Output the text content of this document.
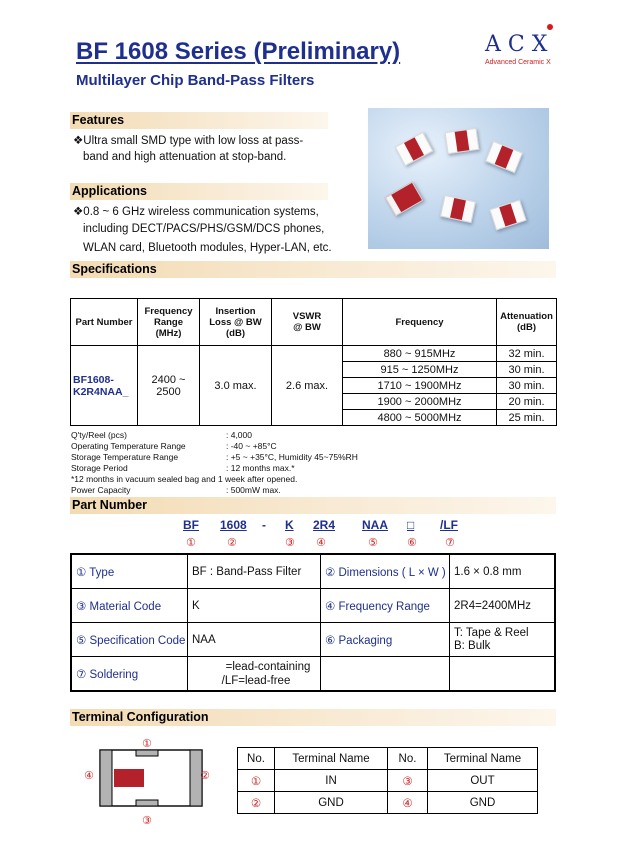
BF 1608 Series (Preliminary)
Multilayer Chip Band-Pass Filters
ACX
Advanced Ceramic X
Features
❖Ultra small SMD type with low loss at pass-
band and high attenuation at stop-band.
Applications
❖0.8 ~ 6 GHz wireless communication systems,
including DECT/PACS/PHS/GSM/DCS phones,
WLAN card, Bluetooth modules, Hyper-LAN, etc.
Specifications
Part Number	Frequency
Range
(MHz)	Insertion
Loss @ BW
(dB)	VSWR
@ BW	Frequency	Attenuation
(dB)
BF1608-
K2R4NAA_	2400 ~
2500	3.0 max.	2.6 max.	880 ~ 915MHz	32 min.
				915 ~ 1250MHz	30 min.
				1710 ~ 1900MHz	30 min.
				1900 ~ 2000MHz	20 min.
				4800 ~ 5000MHz	25 min.
Q'ty/Reel (pcs)	: 4,000
Operating Temperature Range	: -40 ~ +85°C
Storage Temperature Range	: +5 ~ +35°C, Humidity 45~75%RH
Storage Period	: 12 months max.*
*12 months in vacuum sealed bag and 1 week after opened.
Power Capacity	: 500mW max.
Part Number
BF 1608 - K 2R4 NAA □ /LF
①	②	③ ④	⑤	⑥	⑦
① Type	BF : Band-Pass Filter	② Dimensions ( L × W )	1.6 × 0.8 mm
③ Material Code	K	④ Frequency Range	2R4=2400MHz
⑤ Specification Code	NAA	⑥ Packaging	T: Tape & Reel
B: Bulk
⑦ Soldering	=lead-containing
/LF=lead-free		
Terminal Configuration
①
②
③
④
No.	Terminal Name	No.	Terminal Name
①	IN	③	OUT
②	GND	④	GND
